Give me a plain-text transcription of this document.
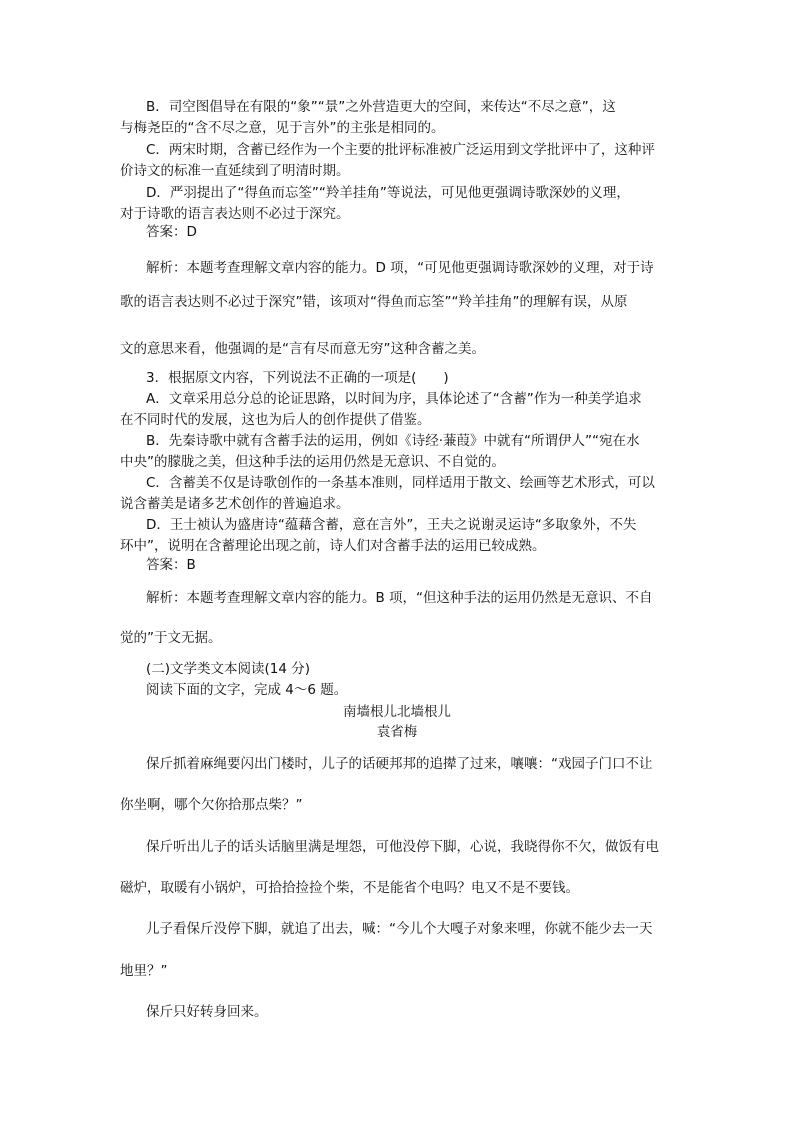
B．司空图倡导在有限的“象”“景”之外营造更大的空间，来传达“不尽之意”，这
与梅尧臣的“含不尽之意，见于言外”的主张是相同的。
C．两宋时期，含蓄已经作为一个主要的批评标准被广泛运用到文学批评中了，这种评
价诗文的标准一直延续到了明清时期。
D．严羽提出了“得鱼而忘筌”“羚羊挂角”等说法，可见他更强调诗歌深妙的义理，
对于诗歌的语言表达则不必过于深究。
答案：D
解析：本题考查理解文章内容的能力。D 项，“可见他更强调诗歌深妙的义理，对于诗
歌的语言表达则不必过于深究”错，该项对“得鱼而忘筌”“羚羊挂角”的理解有误，从原
文的意思来看，他强调的是“言有尽而意无穷”这种含蓄之美。
3．根据原文内容，下列说法不正确的一项是(　　)
A．文章采用总分总的论证思路，以时间为序，具体论述了“含蓄”作为一种美学追求
在不同时代的发展，这也为后人的创作提供了借鉴。
B．先秦诗歌中就有含蓄手法的运用，例如《诗经·蒹葭》中就有“所谓伊人”“宛在水
中央”的朦胧之美，但这种手法的运用仍然是无意识、不自觉的。
C．含蓄美不仅是诗歌创作的一条基本准则，同样适用于散文、绘画等艺术形式，可以
说含蓄美是诸多艺术创作的普遍追求。
D．王士祯认为盛唐诗“蕴藉含蓄，意在言外”，王夫之说谢灵运诗“多取象外，不失
环中”，说明在含蓄理论出现之前，诗人们对含蓄手法的运用已较成熟。
答案：B
解析：本题考查理解文章内容的能力。B 项，“但这种手法的运用仍然是无意识、不自
觉的”于文无据。
(二)文学类文本阅读(14 分)
阅读下面的文字，完成 4～6 题。
南墙根儿北墙根儿
袁省梅
保斤抓着麻绳要闪出门楼时，儿子的话硬邦邦的追撵了过来，嚷嚷：“戏园子门口不让
你坐啊，哪个欠你拾那点柴？”
保斤听出儿子的话头话脑里满是埋怨，可他没停下脚，心说，我晓得你不欠，做饭有电
磁炉，取暖有小锅炉，可拾拾捡捡个柴，不是能省个电吗？电又不是不要钱。
儿子看保斤没停下脚，就追了出去，喊：“今儿个大嘎子对象来哩，你就不能少去一天
地里？”
保斤只好转身回来。
